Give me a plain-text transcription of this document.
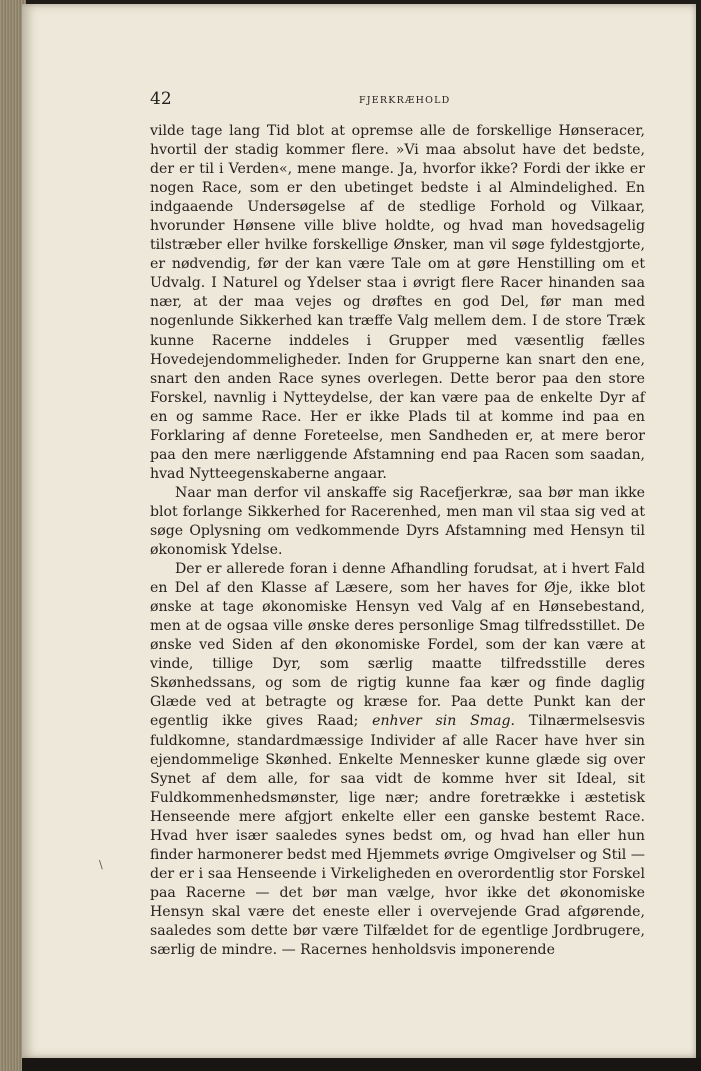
42	FJERKRÆHOLD

vilde tage lang Tid blot at opremse alle de forskellige Hønseracer, hvortil der stadig kommer flere. »Vi maa absolut have det bedste, der er til i Verden«, mene mange. Ja, hvorfor ikke? Fordi der ikke er nogen Race, som er den ubetinget bedste i al Almindelighed. En indgaaende Undersøgelse af de stedlige Forhold og Vilkaar, hvorunder Hønsene ville blive holdte, og hvad man hovedsagelig tilstræber eller hvilke forskellige Ønsker, man vil søge fyldestgjorte, er nødvendig, før der kan være Tale om at gøre Henstilling om et Udvalg. I Naturel og Ydelser staa i øvrigt flere Racer hinanden saa nær, at der maa vejes og drøftes en god Del, før man med nogenlunde Sikkerhed kan træffe Valg mellem dem. I de store Træk kunne Racerne inddeles i Grupper med væsentlig fælles Hovedejendommeligheder. Inden for Grupperne kan snart den ene, snart den anden Race synes overlegen. Dette beror paa den store Forskel, navnlig i Nytteydelse, der kan være paa de enkelte Dyr af en og samme Race. Her er ikke Plads til at komme ind paa en Forklaring af denne Foreteelse, men Sandheden er, at mere beror paa den mere nærliggende Afstamning end paa Racen som saadan, hvad Nytteegenskaberne angaar.

Naar man derfor vil anskaffe sig Racefjerkræ, saa bør man ikke blot forlange Sikkerhed for Racerenhed, men man vil staa sig ved at søge Oplysning om vedkommende Dyrs Afstamning med Hensyn til økonomisk Ydelse.

Der er allerede foran i denne Afhandling forudsat, at i hvert Fald en Del af den Klasse af Læsere, som her haves for Øje, ikke blot ønske at tage økonomiske Hensyn ved Valg af en Hønsebestand, men at de ogsaa ville ønske deres personlige Smag tilfredsstillet. De ønske ved Siden af den økonomiske Fordel, som der kan være at vinde, tillige Dyr, som særlig maatte tilfredsstille deres Skønhedssans, og som de rigtig kunne faa kær og finde daglig Glæde ved at betragte og kræse for. Paa dette Punkt kan der egentlig ikke gives Raad; enhver sin Smag. Tilnærmelsesvis fuldkomne, standardmæssige Individer af alle Racer have hver sin ejendommelige Skønhed. Enkelte Mennesker kunne glæde sig over Synet af dem alle, for saa vidt de komme hver sit Ideal, sit Fuldkommenhedsmønster, lige nær; andre foretrække i æstetisk Henseende mere afgjort enkelte eller een ganske bestemt Race. Hvad hver især saaledes synes bedst om, og hvad han eller hun finder harmonerer bedst med Hjemmets øvrige Omgivelser og Stil — der er i saa Henseende i Virkeligheden en overordentlig stor Forskel paa Racerne — det bør man vælge, hvor ikke det økonomiske Hensyn skal være det eneste eller i overvejende Grad afgørende, saaledes som dette bør være Tilfældet for de egentlige Jordbrugere, særlig de mindre. — Racernes henholdsvis imponerende

\
